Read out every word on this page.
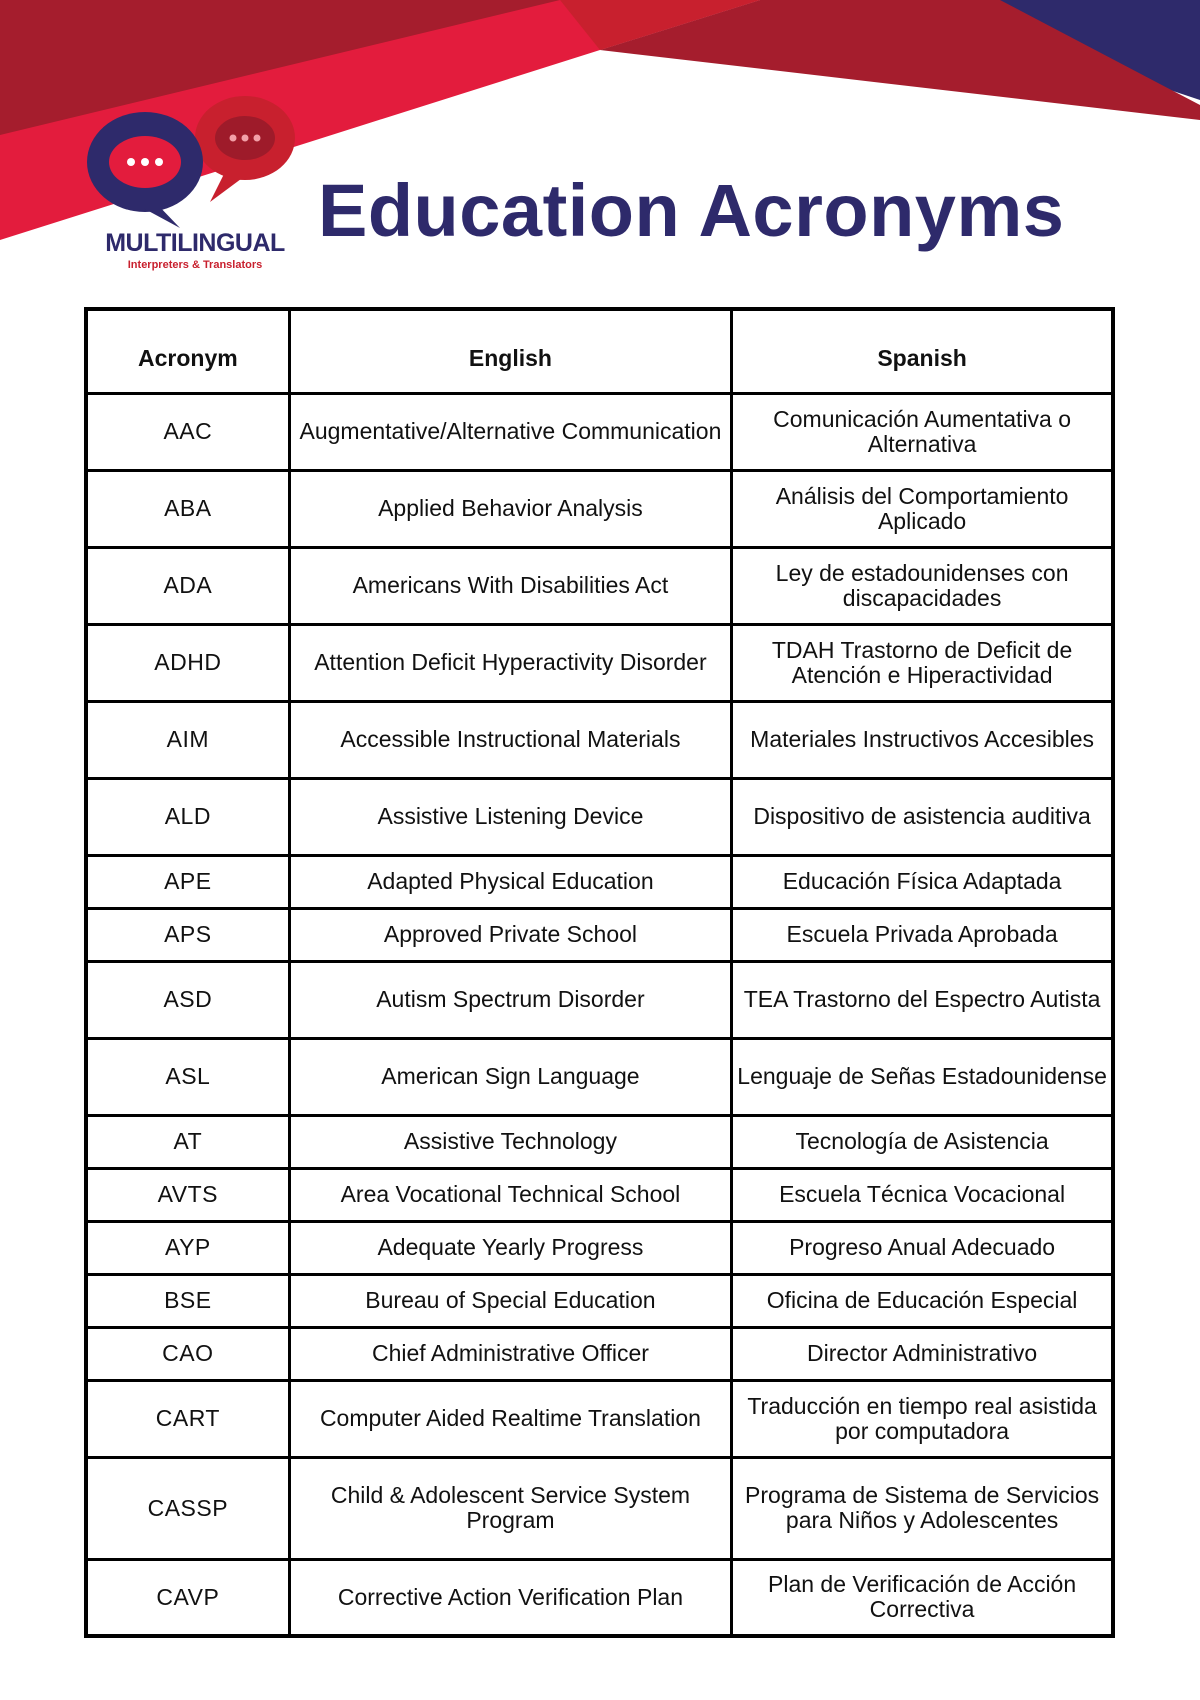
MULTILINGUAL
Interpreters & Translators
Education Acronyms
Acronym	English	Spanish
AAC	Augmentative/Alternative Communication	Comunicación Aumentativa o Alternativa
ABA	Applied Behavior Analysis	Análisis del Comportamiento Aplicado
ADA	Americans With Disabilities Act	Ley de estadounidenses con discapacidades
ADHD	Attention Deficit Hyperactivity Disorder	TDAH Trastorno de Deficit de Atención e Hiperactividad
AIM	Accessible Instructional Materials	Materiales Instructivos Accesibles
ALD	Assistive Listening Device	Dispositivo de asistencia auditiva
APE	Adapted Physical Education	Educación Física Adaptada
APS	Approved Private School	Escuela Privada Aprobada
ASD	Autism Spectrum Disorder	TEA Trastorno del Espectro Autista
ASL	American Sign Language	Lenguaje de Señas Estadounidense
AT	Assistive Technology	Tecnología de Asistencia
AVTS	Area Vocational Technical School	Escuela Técnica Vocacional
AYP	Adequate Yearly Progress	Progreso Anual Adecuado
BSE	Bureau of Special Education	Oficina de Educación Especial
CAO	Chief Administrative Officer	Director Administrativo
CART	Computer Aided Realtime Translation	Traducción en tiempo real asistida por computadora
CASSP	Child & Adolescent Service System Program	Programa de Sistema de Servicios para Niños y Adolescentes
CAVP	Corrective Action Verification Plan	Plan de Verificación de Acción Correctiva
